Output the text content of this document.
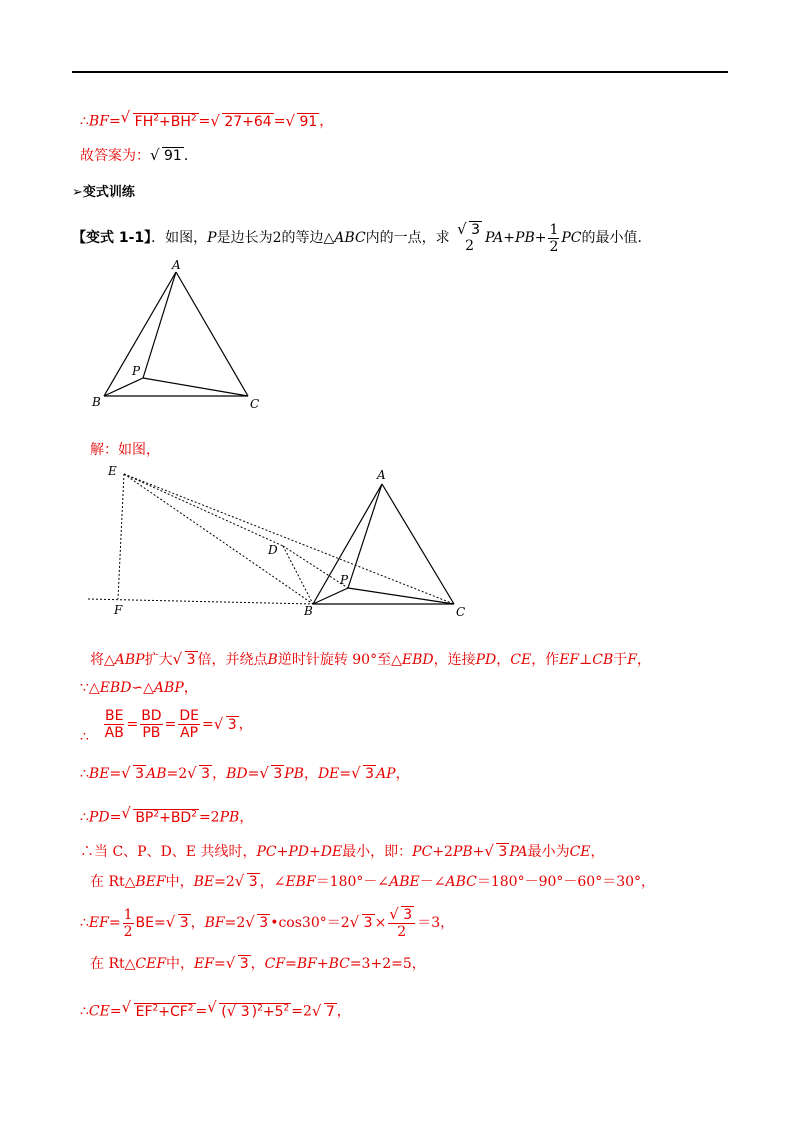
∴BF=√ $FH^2+BH^2$ =√ 27+64 =√ 91 ，
故答案为：√ 91 ．
➢变式训练
【变式 1-1】．如图，P是边长为2的等边△ABC内的一点，求
√	3
2 $PA+PB+ \frac{1}{2}$ PC的最小值．
A
B	C
P
解：如图，
E	A
D
P
F	B	C
将△ABP扩大√ 3 倍，并绕点B逆时针旋转 90°至△EBD，连接PD，CE，作EF⊥CB于F，
∵△EBD∽△ABP，
∴ $\frac{BE}{AB} = \frac{BD}{PB} = \frac{DE}{AP}$ =√ 3 ，
∴BE=√ 3 AB=2√ 3 ，BD=√ 3 PB，DE=√ 3 AP，
∴PD=√ $BP^2+BD^2 =2PB$，
∴当 C、P、D、E 共线时，PC+PD+DE最小，即：PC+2PB+√ 3 PA最小为CE，
在 Rt△BEF中，BE=2√ 3 ，∠EBF＝180°－∠ABE－∠ABC＝180°－90°－60°＝30°，
∴EF= $\frac{1}{2} BE=√$ 3 ，BF=2√ 3 •cos30°＝2√ 3 ×
√ $\frac{3}{2} =3$，
在 Rt△CEF中，EF=√ 3 ，CF=BF+BC=3+2=5，
∴CE=√ $EF^2+CF^2$ =√ (√ 3 )$^2+5^2 =2√$ 7 ，
